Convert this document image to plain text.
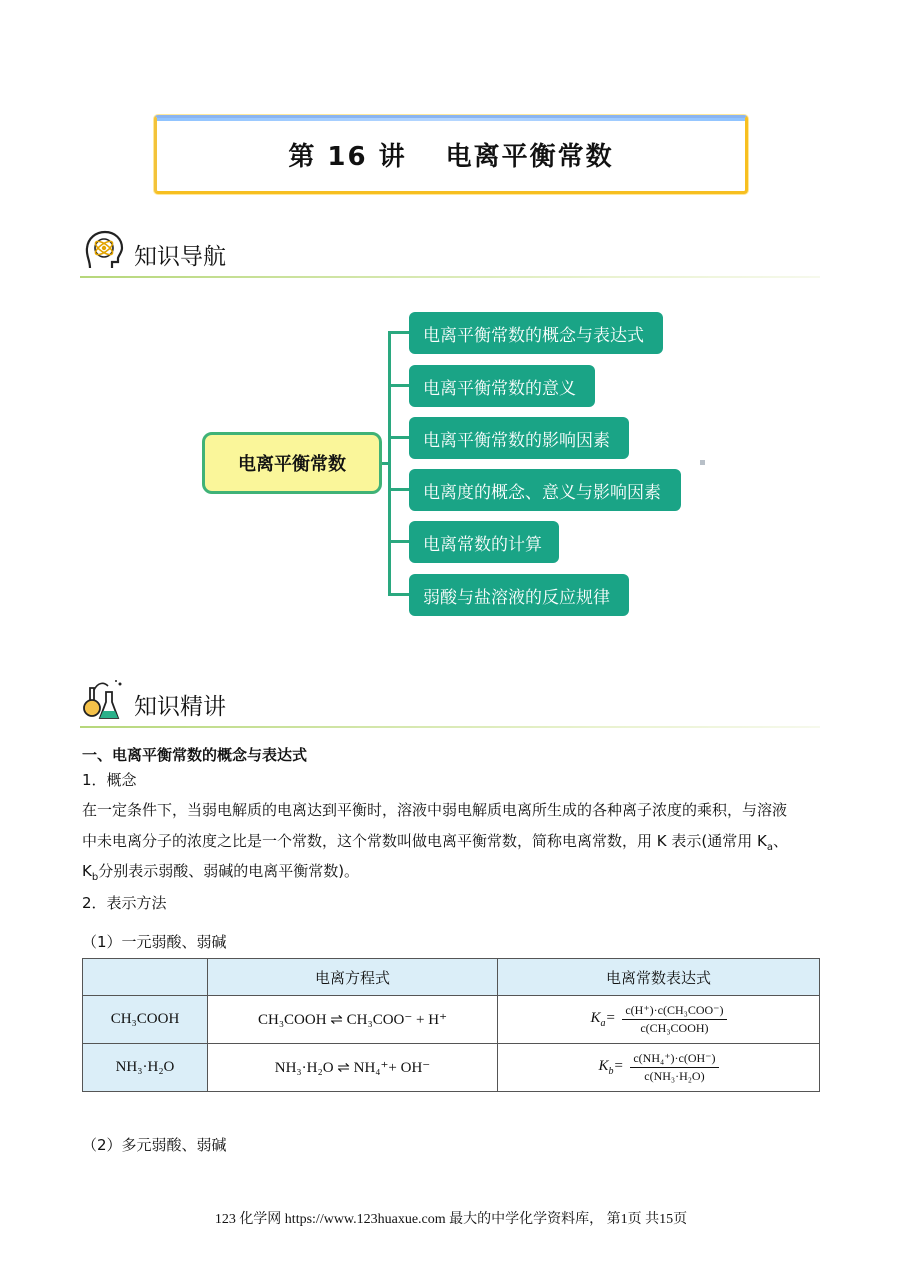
第 16 讲　 电离平衡常数
知识导航
电离平衡常数
电离平衡常数的概念与表达式
电离平衡常数的意义
电离平衡常数的影响因素
电离度的概念、意义与影响因素
电离常数的计算
弱酸与盐溶液的反应规律
知识精讲
一、电离平衡常数的概念与表达式
1．概念
在一定条件下，当弱电解质的电离达到平衡时，溶液中弱电解质电离所生成的各种离子浓度的乘积，与溶液
中未电离分子的浓度之比是一个常数，这个常数叫做电离平衡常数，简称电离常数，用 K 表示(通常用 $K_a$、
$K_b$分别表示弱酸、弱碱的电离平衡常数)。
2．表示方法
（1）一元弱酸、弱碱
	电离方程式	电离常数表达式
CH₃COOH	CH₃COOH ⇌ CH₃COO⁻ + H⁺	$K_a= \frac{\text{c(H⁺)·c(CH₃COO⁻)}}{\text{c(CH₃COOH)}}$

NH₃·H₂O	NH₃·H₂O ⇌ NH₄⁺+ OH⁻	$K_b= \frac{\text{c(NH₄⁺)·c(OH⁻)}}{\text{c(NH₃·H₂O)}}$
（2）多元弱酸、弱碱
123 化学网 https://www.123huaxue.com 最大的中学化学资料库， 第1页 共15页
